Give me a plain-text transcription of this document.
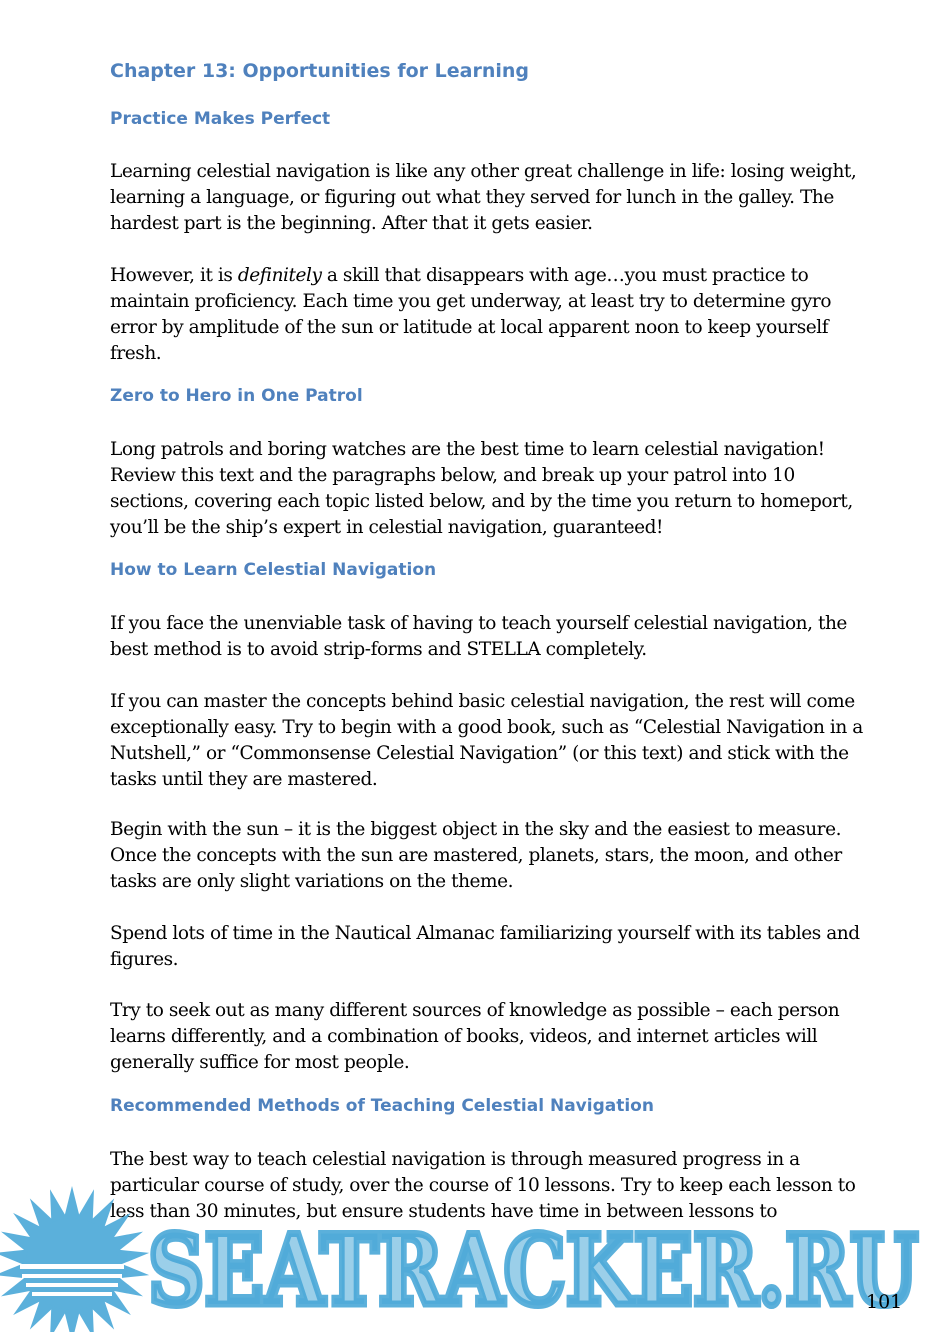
Chapter 13: Opportunities for Learning
Practice Makes Perfect

Learning celestial navigation is like any other great challenge in life: losing weight,
learning a language, or figuring out what they served for lunch in the galley. The
hardest part is the beginning. After that it gets easier.

However, it is definitely a skill that disappears with age…you must practice to
maintain proficiency. Each time you get underway, at least try to determine gyro
error by amplitude of the sun or latitude at local apparent noon to keep yourself
fresh.

Zero to Hero in One Patrol

Long patrols and boring watches are the best time to learn celestial navigation!
Review this text and the paragraphs below, and break up your patrol into 10
sections, covering each topic listed below, and by the time you return to homeport,
you’ll be the ship’s expert in celestial navigation, guaranteed!

How to Learn Celestial Navigation

If you face the unenviable task of having to teach yourself celestial navigation, the
best method is to avoid strip-forms and STELLA completely.

If you can master the concepts behind basic celestial navigation, the rest will come
exceptionally easy. Try to begin with a good book, such as “Celestial Navigation in a
Nutshell,” or “Commonsense Celestial Navigation” (or this text) and stick with the
tasks until they are mastered.

Begin with the sun – it is the biggest object in the sky and the easiest to measure.
Once the concepts with the sun are mastered, planets, stars, the moon, and other
tasks are only slight variations on the theme.

Spend lots of time in the Nautical Almanac familiarizing yourself with its tables and
figures.

Try to seek out as many different sources of knowledge as possible – each person
learns differently, and a combination of books, videos, and internet articles will
generally suffice for most people.

Recommended Methods of Teaching Celestial Navigation

The best way to teach celestial navigation is through measured progress in a
particular course of study, over the course of 10 lessons. Try to keep each lesson to
less than 30 minutes, but ensure students have time in between lessons to

SEATRACKER.RU
SEATRACKER.RU
101
